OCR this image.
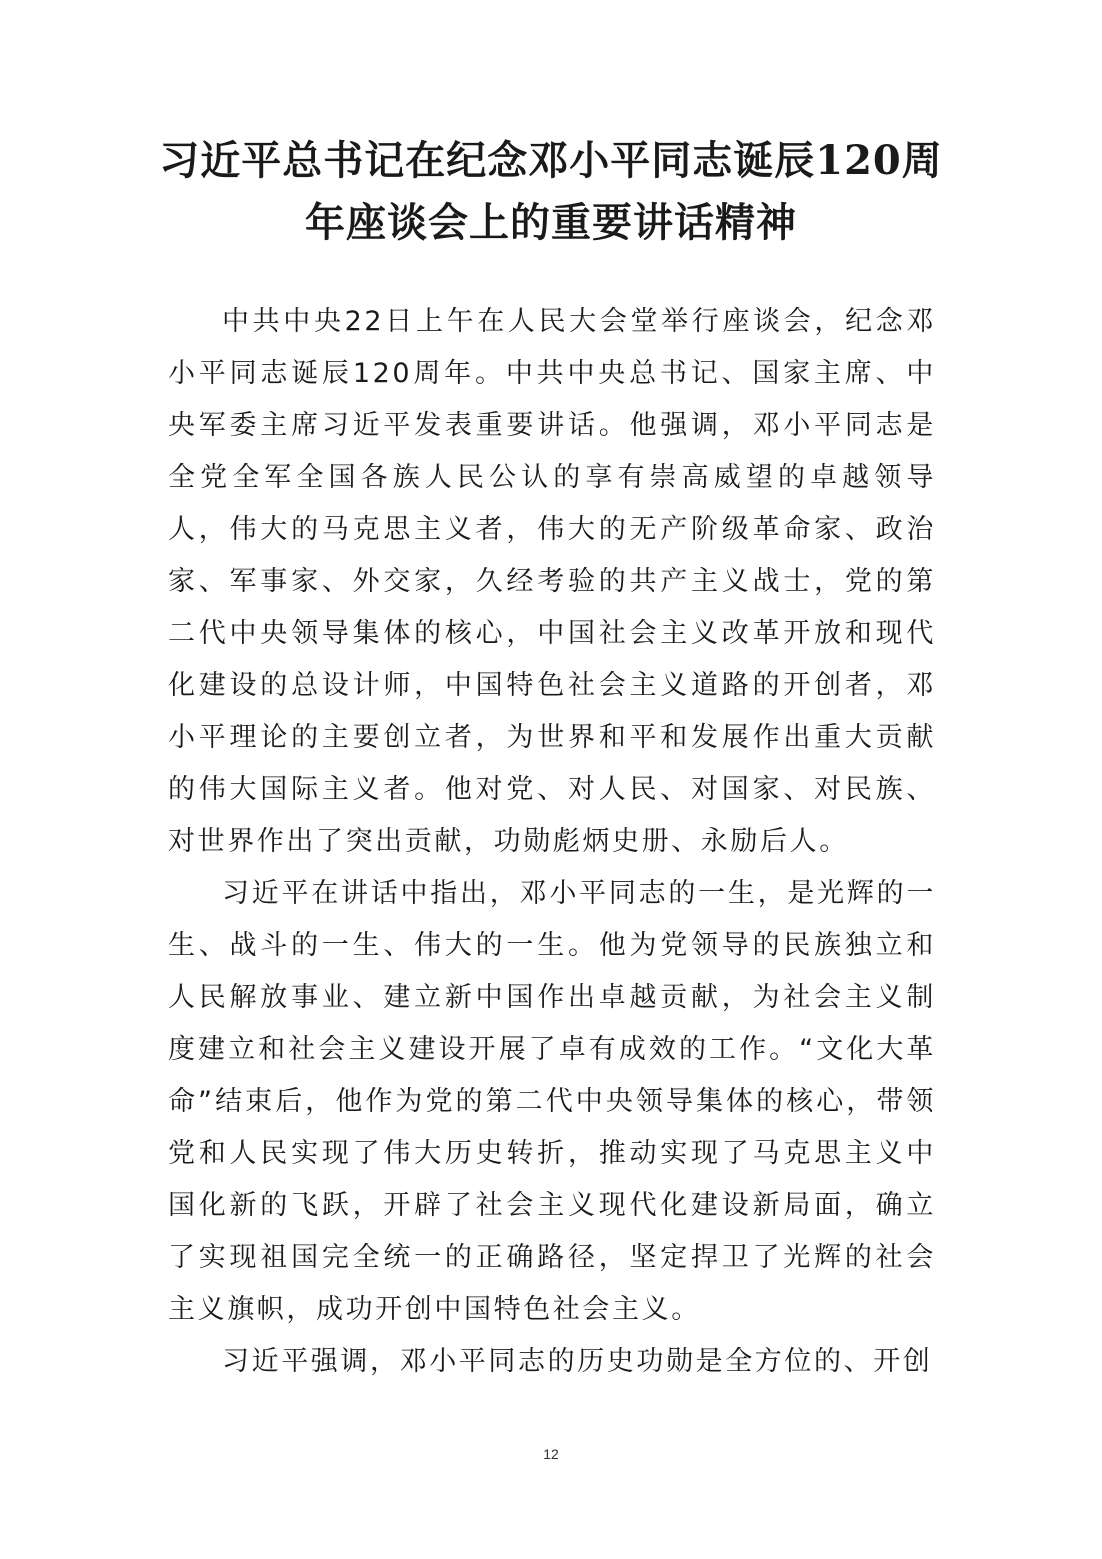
习近平总书记在纪念邓小平同志诞辰120周
年座谈会上的重要讲话精神

中共中央22日上午在人民大会堂举行座谈会，纪念邓小平同志诞辰120周年。中共中央总书记、国家主席、中央军委主席习近平发表重要讲话。他强调，邓小平同志是全党全军全国各族人民公认的享有崇高威望的卓越领导人，伟大的马克思主义者，伟大的无产阶级革命家、政治家、军事家、外交家，久经考验的共产主义战士，党的第二代中央领导集体的核心，中国社会主义改革开放和现代化建设的总设计师，中国特色社会主义道路的开创者，邓小平理论的主要创立者，为世界和平和发展作出重大贡献的伟大国际主义者。他对党、对人民、对国家、对民族、对世界作出了突出贡献，功勋彪炳史册、永励后人。

习近平在讲话中指出，邓小平同志的一生，是光辉的一生、战斗的一生、伟大的一生。他为党领导的民族独立和人民解放事业、建立新中国作出卓越贡献，为社会主义制度建立和社会主义建设开展了卓有成效的工作。“文化大革命”结束后，他作为党的第二代中央领导集体的核心，带领党和人民实现了伟大历史转折，推动实现了马克思主义中国化新的飞跃，开辟了社会主义现代化建设新局面，确立了实现祖国完全统一的正确路径，坚定捍卫了光辉的社会主义旗帜，成功开创中国特色社会主义。

习近平强调，邓小平同志的历史功勋是全方位的、开创

12
